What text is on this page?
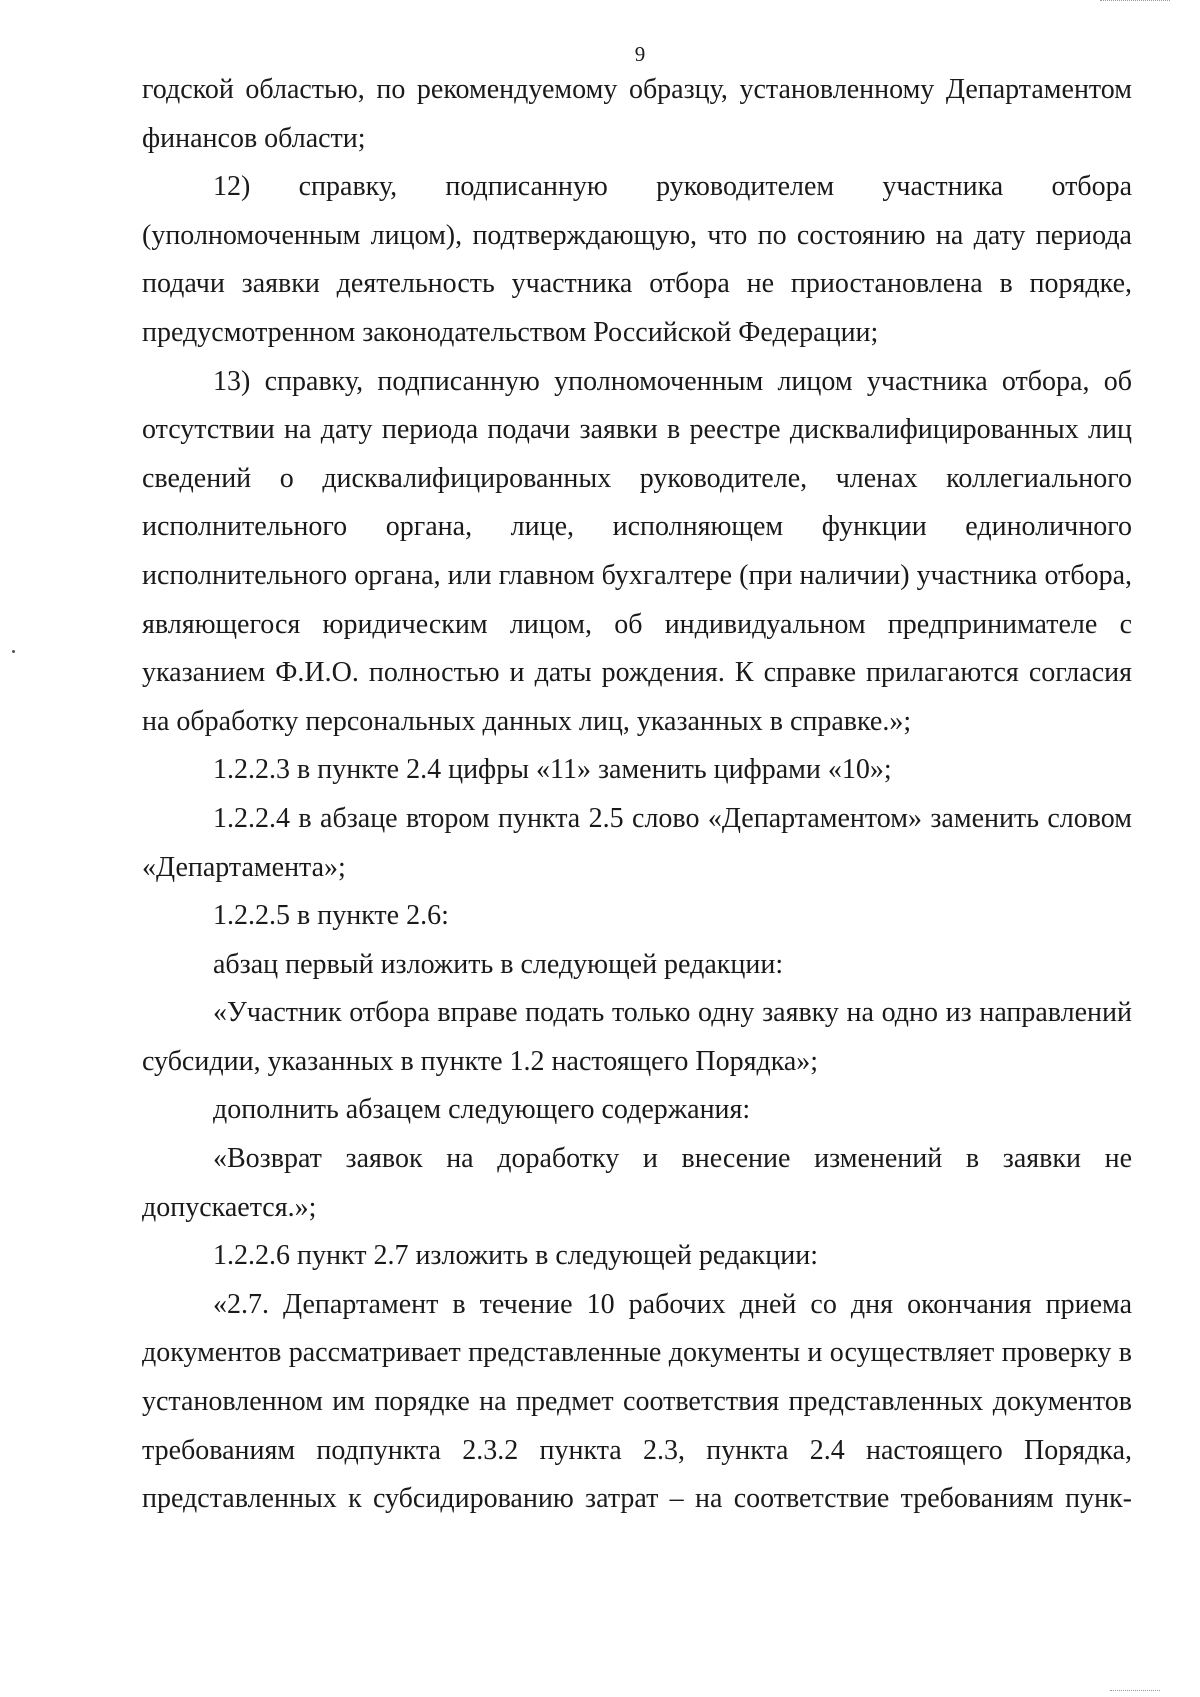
9

годской областью, по рекомендуемому образцу, установленному Департаментом финансов области;

12) справку, подписанную руководителем участника отбора (уполномоченным лицом), подтверждающую, что по состоянию на дату периода подачи заявки деятельность участника отбора не приостановлена в порядке, предусмотренном законодательством Российской Федерации;

13) справку, подписанную уполномоченным лицом участника отбора, об отсутствии на дату периода подачи заявки в реестре дисквалифицированных лиц сведений о дисквалифицированных руководителе, членах коллегиального исполнительного органа, лице, исполняющем функции единоличного исполнительного органа, или главном бухгалтере (при наличии) участника отбора, являющегося юридическим лицом, об индивидуальном предпринимателе с указанием Ф.И.О. полностью и даты рождения. К справке прилагаются согласия на обработку персональных данных лиц, указанных в справке.»;

1.2.2.3 в пункте 2.4 цифры «11» заменить цифрами «10»;

1.2.2.4 в абзаце втором пункта 2.5 слово «Департаментом» заменить словом «Департамента»;

1.2.2.5 в пункте 2.6:

абзац первый изложить в следующей редакции:

«Участник отбора вправе подать только одну заявку на одно из направлений субсидии, указанных в пункте 1.2 настоящего Порядка»;

дополнить абзацем следующего содержания:

«Возврат заявок на доработку и внесение изменений в заявки не допускается.»;

1.2.2.6 пункт 2.7 изложить в следующей редакции:

«2.7. Департамент в течение 10 рабочих дней со дня окончания приема документов рассматривает представленные документы и осуществляет проверку в установленном им порядке на предмет соответствия представленных документов требованиям подпункта 2.3.2 пункта 2.3, пункта 2.4 настоящего Порядка, представленных к субсидированию затрат – на соответствие требованиям пунк-
